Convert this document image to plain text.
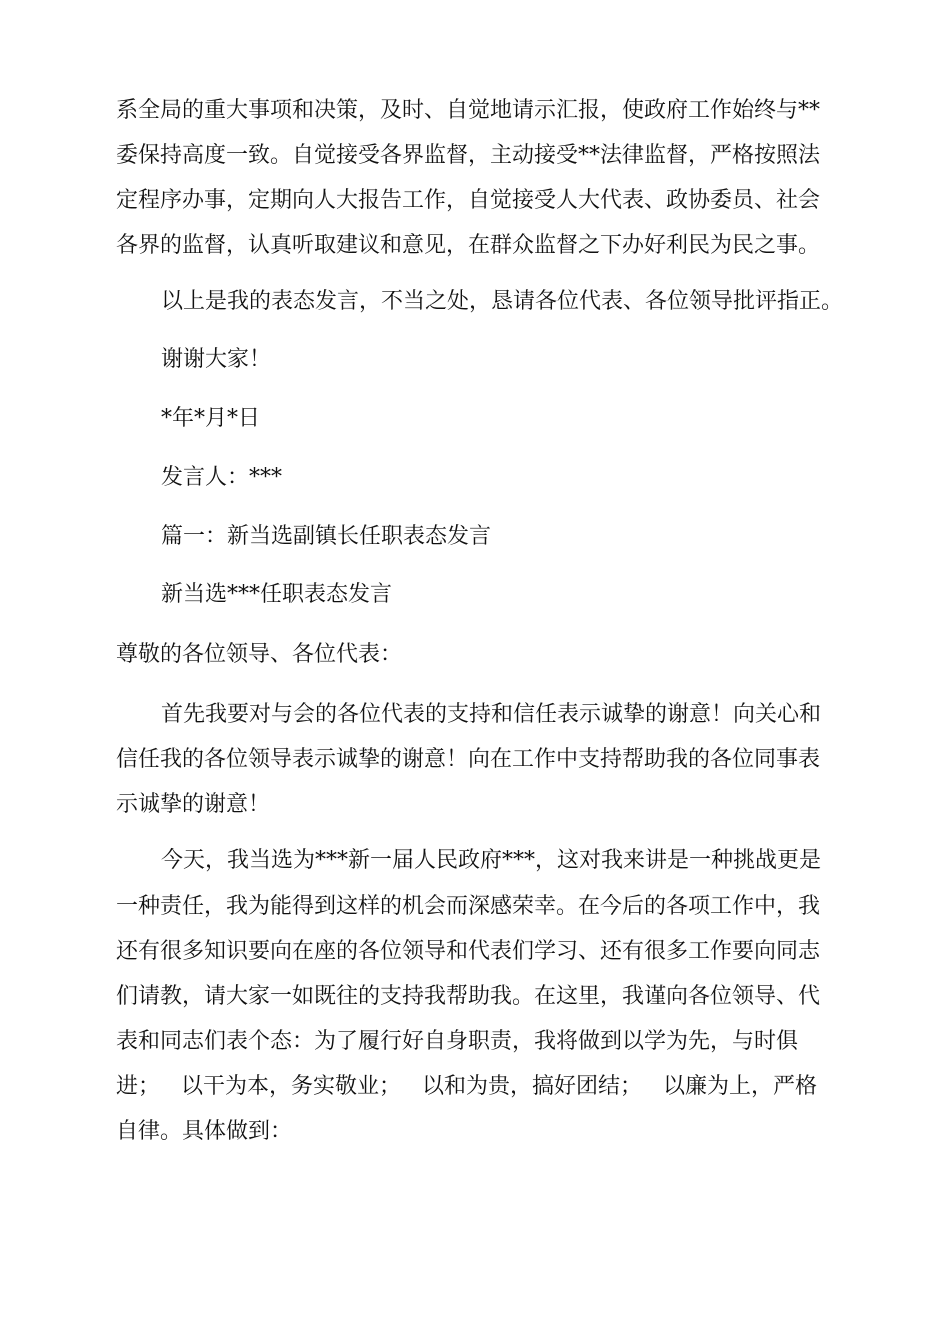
系全局的重大事项和决策，及时、自觉地请示汇报，使政府工作始终与**
委保持高度一致。自觉接受各界监督，主动接受**法律监督，严格按照法
定程序办事，定期向人大报告工作，自觉接受人大代表、政协委员、社会
各界的监督，认真听取建议和意见，在群众监督之下办好利民为民之事。
以上是我的表态发言，不当之处，恳请各位代表、各位领导批评指正。
谢谢大家！
*年*月*日
发言人：***
篇一：新当选副镇长任职表态发言
新当选***任职表态发言
尊敬的各位领导、各位代表：
首先我要对与会的各位代表的支持和信任表示诚挚的谢意！向关心和
信任我的各位领导表示诚挚的谢意！向在工作中支持帮助我的各位同事表
示诚挚的谢意！
今天，我当选为***新一届人民政府***，这对我来讲是一种挑战更是
一种责任，我为能得到这样的机会而深感荣幸。在今后的各项工作中，我
还有很多知识要向在座的各位领导和代表们学习、还有很多工作要向同志
们请教，请大家一如既往的支持我帮助我。在这里，我谨向各位领导、代
表和同志们表个态：为了履行好自身职责，我将做到以学为先，与时俱
进；   以干为本，务实敬业；   以和为贵，搞好团结；   以廉为上，严格
自律。具体做到：
